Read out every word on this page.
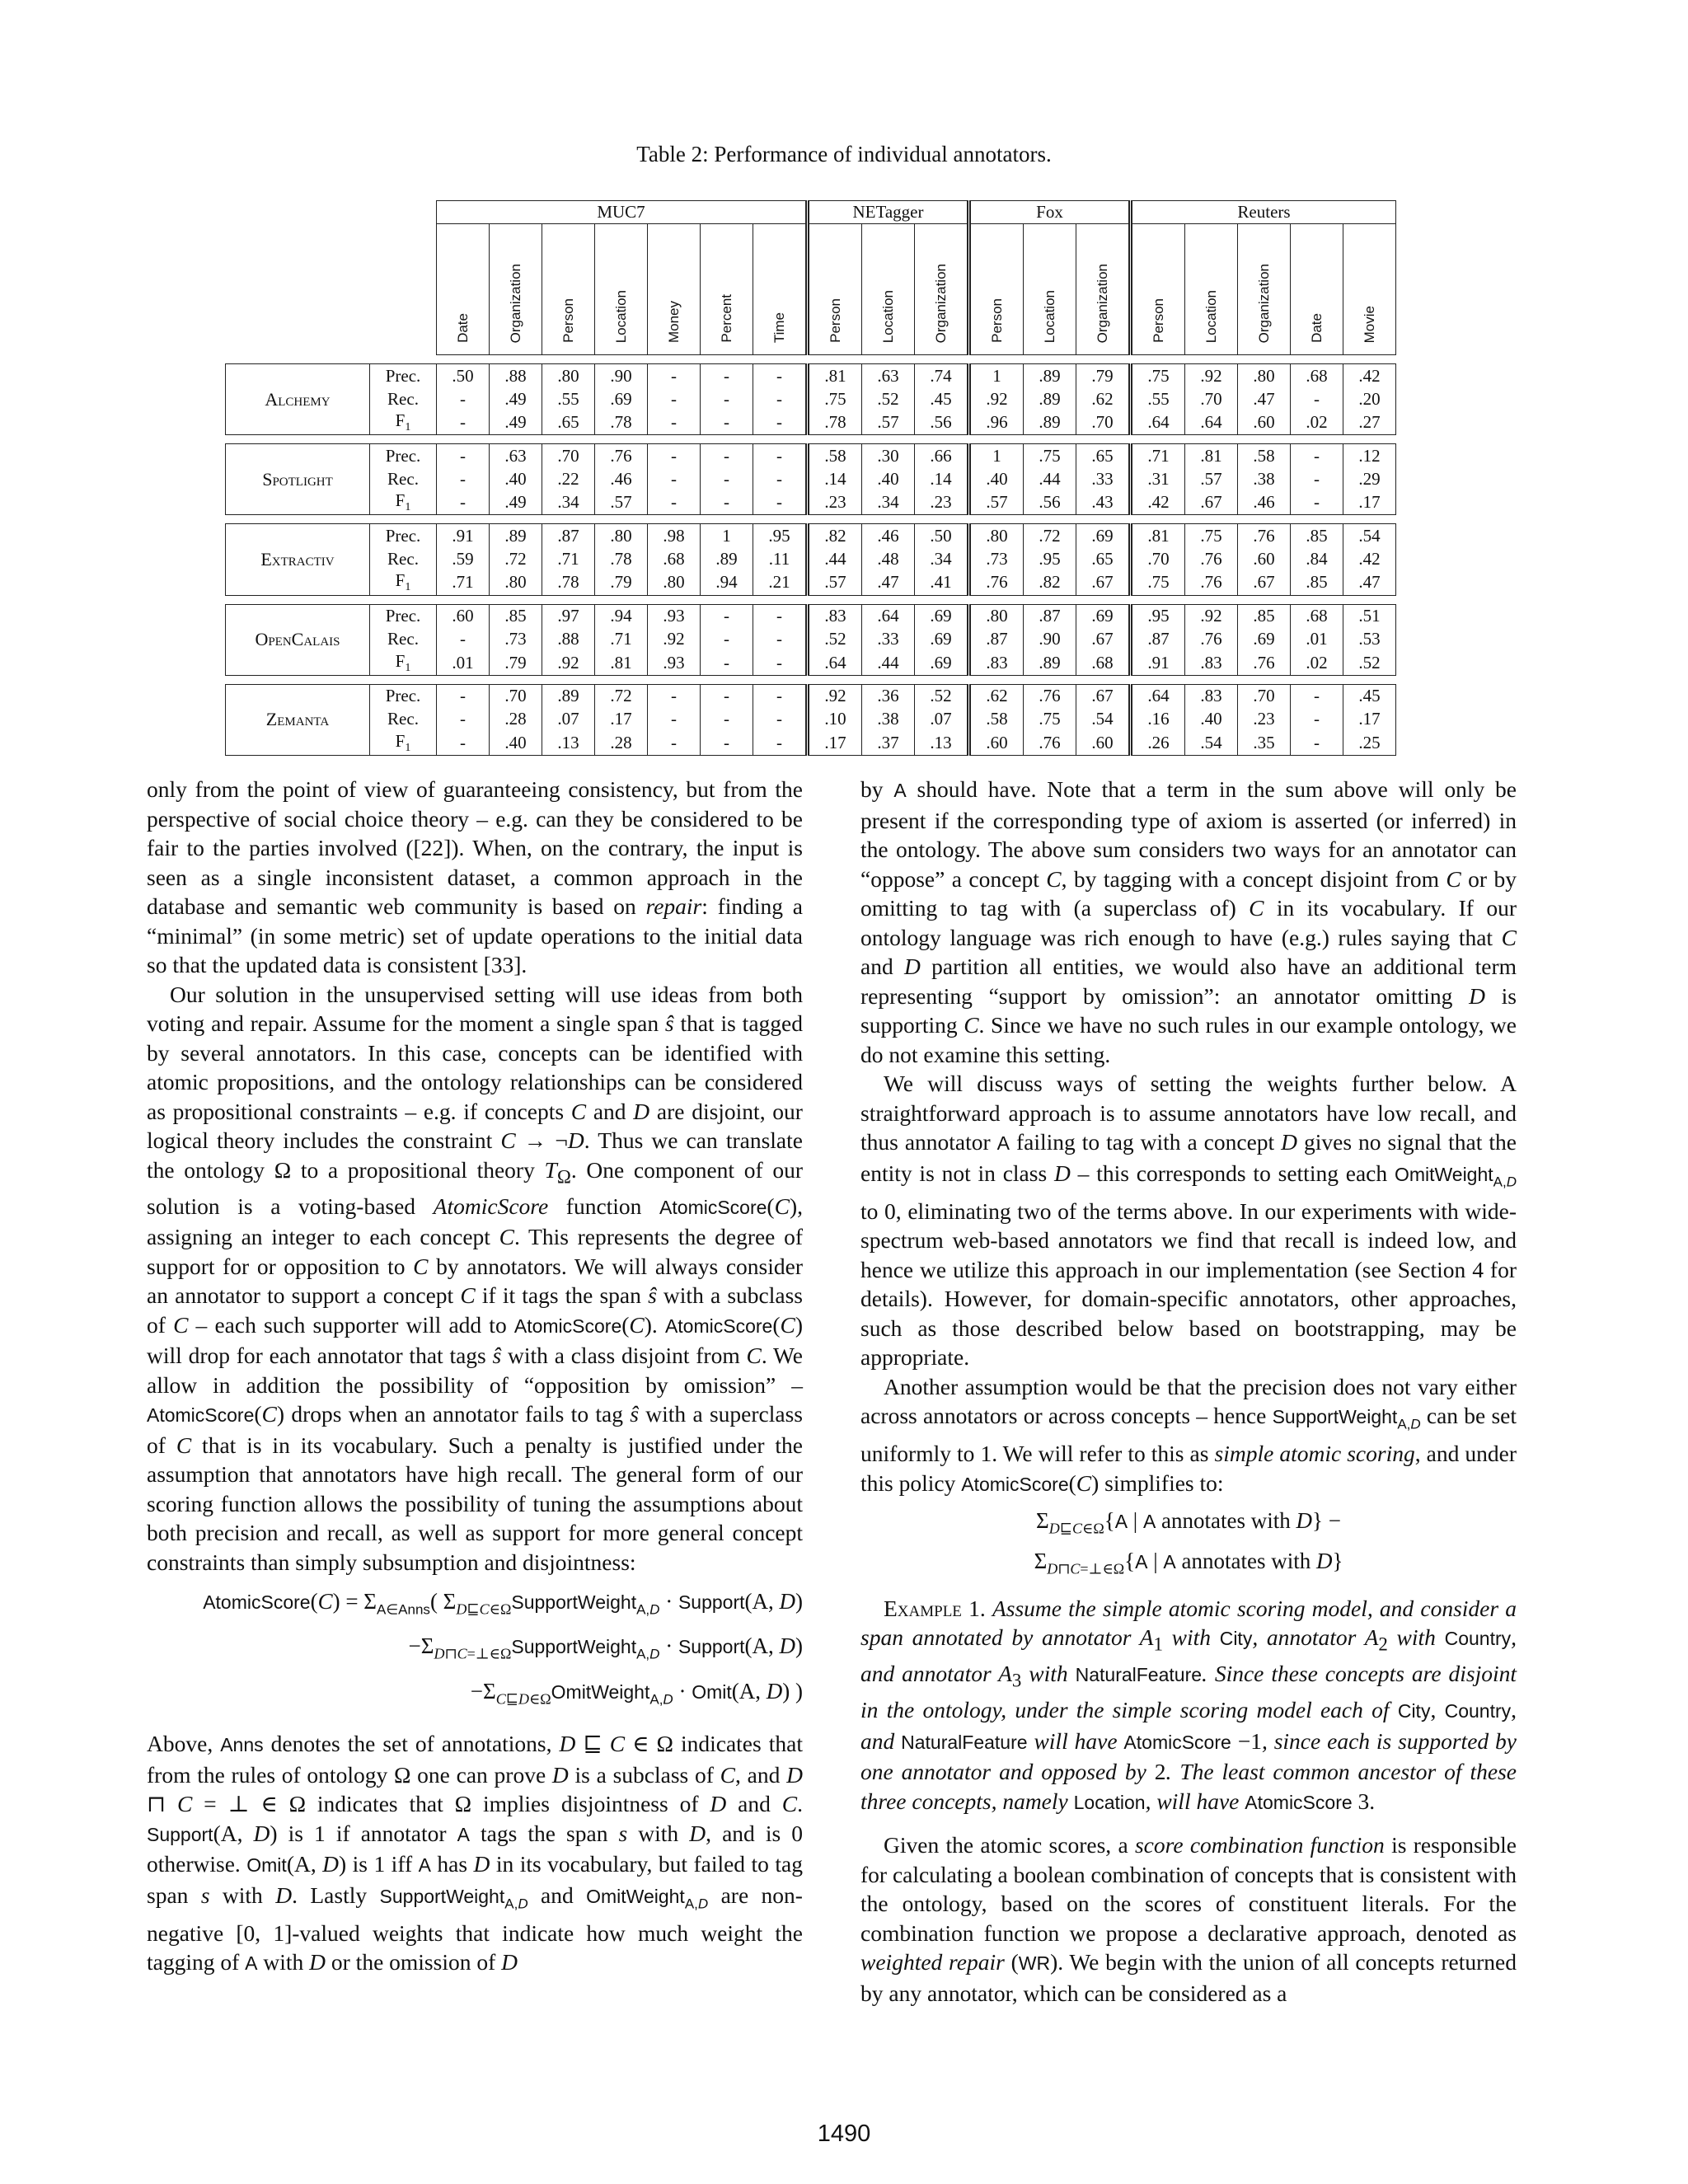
Table 2: Performance of individual annotators.
		MUC7							NETagger			Fox			Reuters				
		Date	Organization	Person	Location	Money	Percent	Time	Person	Location	Organization	Person	Location	Organization	Person	Location	Organization	Date	Movie

Alchemy	Prec.	.50	.88	.80	.90	-	-	-	.81	.63	.74	1	.89	.79	.75	.92	.80	.68	.42
	Rec.	-	.49	.55	.69	-	-	-	.75	.52	.45	.92	.89	.62	.55	.70	.47	-	.20
	$F_1$	-	.49	.65	.78	-	-	-	.78	.57	.56	.96	.89	.70	.64	.64	.60	.02	.27

Spotlight	Prec.	-	.63	.70	.76	-	-	-	.58	.30	.66	1	.75	.65	.71	.81	.58	-	.12
	Rec.	-	.40	.22	.46	-	-	-	.14	.40	.14	.40	.44	.33	.31	.57	.38	-	.29
	$F_1$	-	.49	.34	.57	-	-	-	.23	.34	.23	.57	.56	.43	.42	.67	.46	-	.17

Extractiv	Prec.	.91	.89	.87	.80	.98	1	.95	.82	.46	.50	.80	.72	.69	.81	.75	.76	.85	.54
	Rec.	.59	.72	.71	.78	.68	.89	.11	.44	.48	.34	.73	.95	.65	.70	.76	.60	.84	.42
	$F_1$	.71	.80	.78	.79	.80	.94	.21	.57	.47	.41	.76	.82	.67	.75	.76	.67	.85	.47

OpenCalais	Prec.	.60	.85	.97	.94	.93	-	-	.83	.64	.69	.80	.87	.69	.95	.92	.85	.68	.51
	Rec.	-	.73	.88	.71	.92	-	-	.52	.33	.69	.87	.90	.67	.87	.76	.69	.01	.53
	$F_1$	.01	.79	.92	.81	.93	-	-	.64	.44	.69	.83	.89	.68	.91	.83	.76	.02	.52

Zemanta	Prec.	-	.70	.89	.72	-	-	-	.92	.36	.52	.62	.76	.67	.64	.83	.70	-	.45
	Rec.	-	.28	.07	.17	-	-	-	.10	.38	.07	.58	.75	.54	.16	.40	.23	-	.17
	$F_1$	-	.40	.13	.28	-	-	-	.17	.37	.13	.60	.76	.60	.26	.54	.35	-	.25

only from the point of view of guaranteeing consistency, but from the perspective of social choice theory – e.g. can they be considered to be fair to the parties involved ([22]). When, on the contrary, the input is seen as a single inconsistent dataset, a common approach in the database and semantic web community is based on repair: finding a “minimal” (in some metric) set of update operations to the initial data so that the updated data is consistent [33].

Our solution in the unsupervised setting will use ideas from both voting and repair. Assume for the moment a single span ŝ that is tagged by several annotators. In this case, concepts can be identified with atomic propositions, and the ontology relationships can be considered as propositional constraints – e.g. if concepts C and D are disjoint, our logical theory includes the constraint C → ¬D. Thus we can translate the ontology Ω to a propositional theory $T_\Omega$. One component of our solution is a voting-based AtomicScore function AtomicScore(C), assigning an integer to each concept C. This represents the degree of support for or opposition to C by annotators. We will always consider an annotator to support a concept C if it tags the span ŝ with a subclass of C – each such supporter will add to AtomicScore(C). AtomicScore(C) will drop for each annotator that tags ŝ with a class disjoint from C. We allow in addition the possibility of “opposition by omission” – AtomicScore(C) drops when an annotator fails to tag ŝ with a superclass of C that is in its vocabulary. Such a penalty is justified under the assumption that annotators have high recall. The general form of our scoring function allows the possibility of tuning the assumptions about both precision and recall, as well as support for more general concept constraints than simply subsumption and disjointness:

AtomicScore(C) = $\Sigma_{A\in Anns}$( $\Sigma_{D⊑C\in\Omega}SupportWeight_{A,D}$ · Support(A, D)
$-\Sigma_{D⊓C=\perp\in\Omega}SupportWeight_{A,D}$ · Support(A, D)
$-\Sigma_{C⊑D\in\Omega}OmitWeight_{A,D}$ · Omit(A, D) )

Above, Anns denotes the set of annotations, D ⊑ C ∈ Ω indicates that from the rules of ontology Ω one can prove D is a subclass of C, and D ⊓ C = ⊥ ∈ Ω indicates that Ω implies disjointness of D and C. Support(A, D) is 1 if annotator A tags the span s with D, and is 0 otherwise. Omit(A, D) is 1 iff A has D in its vocabulary, but failed to tag span s with D. Lastly SupportWeight$_{A,D}$ and OmitWeight$_{A,D}$ are non-negative [0, 1]-valued weights that indicate how much weight the tagging of A with D or the omission of D

by A should have. Note that a term in the sum above will only be present if the corresponding type of axiom is asserted (or inferred) in the ontology. The above sum considers two ways for an annotator can “oppose” a concept C, by tagging with a concept disjoint from C or by omitting to tag with (a superclass of) C in its vocabulary. If our ontology language was rich enough to have (e.g.) rules saying that C and D partition all entities, we would also have an additional term representing “support by omission”: an annotator omitting D is supporting C. Since we have no such rules in our example ontology, we do not examine this setting.

We will discuss ways of setting the weights further below. A straightforward approach is to assume annotators have low recall, and thus annotator A failing to tag with a concept D gives no signal that the entity is not in class D – this corresponds to setting each OmitWeight$_{A,D}$ to 0, eliminating two of the terms above. In our experiments with wide-spectrum web-based annotators we find that recall is indeed low, and hence we utilize this approach in our implementation (see Section 4 for details). However, for domain-specific annotators, other approaches, such as those described below based on bootstrapping, may be appropriate.

Another assumption would be that the precision does not vary either across annotators or across concepts – hence SupportWeight$_{A,D}$ can be set uniformly to 1. We will refer to this as simple atomic scoring, and under this policy AtomicScore(C) simplifies to:

$\Sigma_{D⊑C\in\Omega}\{A$ | A annotates with D} −
$\Sigma_{D⊓C=\perp\in\Omega}\{A$ | A annotates with D}

Example 1. Assume the simple atomic scoring model, and consider a span annotated by annotator $A_1$ with City, annotator $A_2$ with Country, and annotator $A_3$ with NaturalFeature. Since these concepts are disjoint in the ontology, under the simple scoring model each of City, Country, and NaturalFeature will have AtomicScore −1, since each is supported by one annotator and opposed by 2. The least common ancestor of these three concepts, namely Location, will have AtomicScore 3.

Given the atomic scores, a score combination function is responsible for calculating a boolean combination of concepts that is consistent with the ontology, based on the scores of constituent literals. For the combination function we propose a declarative approach, denoted as weighted repair (WR). We begin with the union of all concepts returned by any annotator, which can be considered as a

1490
